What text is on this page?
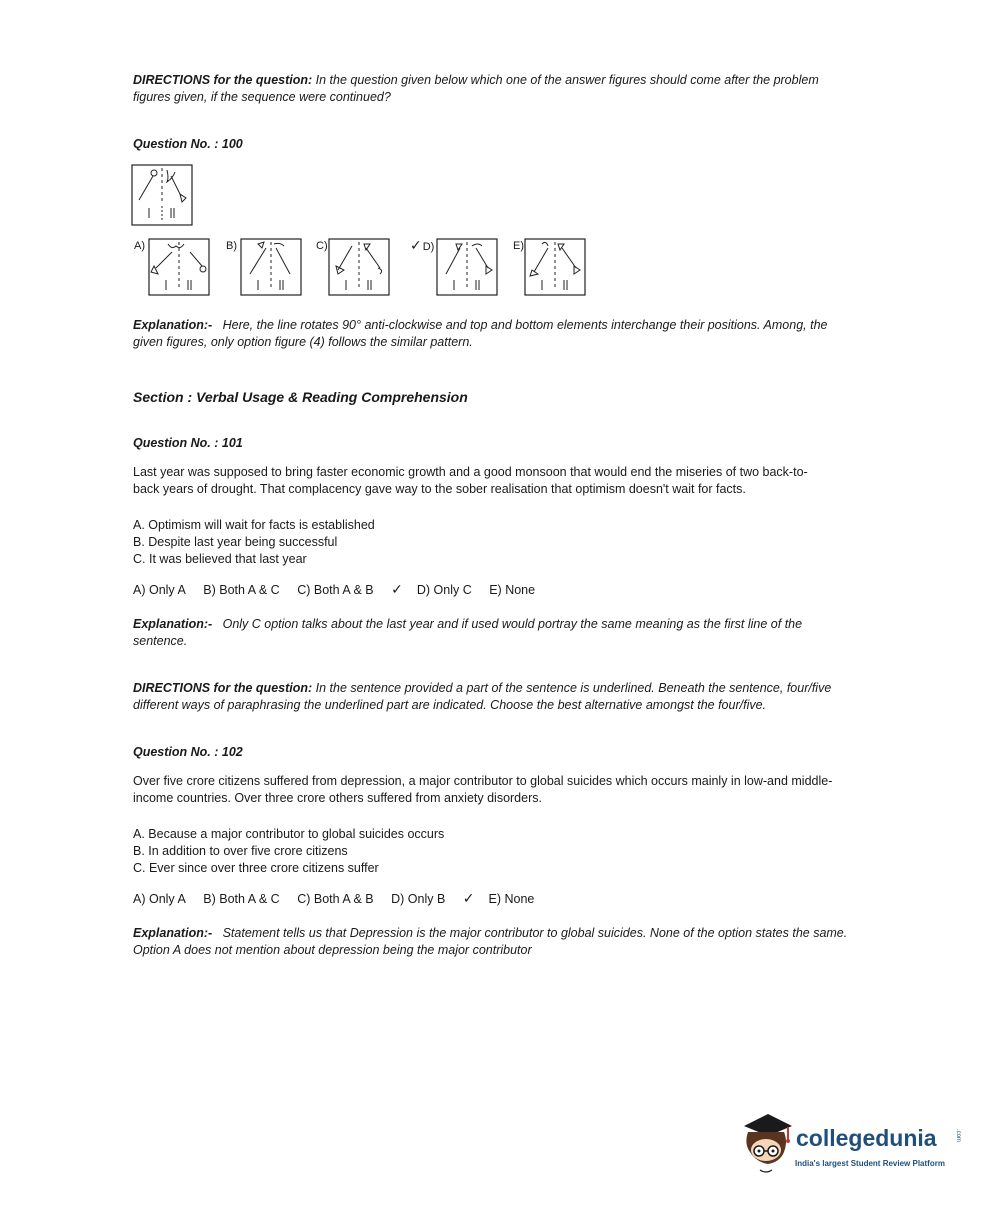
DIRECTIONS for the question: In the question given below which one of the answer figures should come after the problem
figures given, if the sequence were continued?
Question No. : 100
A)	B)	C)	✓D)	E)
Explanation:- Here, the line rotates 90° anti-clockwise and top and bottom elements interchange their positions. Among, the
given figures, only option figure (4) follows the similar pattern.
Section : Verbal Usage & Reading Comprehension
Question No. : 101
Last year was supposed to bring faster economic growth and a good monsoon that would end the miseries of two back-to-
back years of drought. That complacency gave way to the sober realisation that optimism doesn't wait for facts.
A. Optimism will wait for facts is established
B. Despite last year being successful
C. It was believed that last year
A) Only A B) Both A & C C) Both A & B ✓ D) Only C E) None
Explanation:- Only C option talks about the last year and if used would portray the same meaning as the first line of the
sentence.
DIRECTIONS for the question: In the sentence provided a part of the sentence is underlined. Beneath the sentence, four/five
different ways of paraphrasing the underlined part are indicated. Choose the best alternative amongst the four/five.
Question No. : 102
Over five crore citizens suffered from depression, a major contributor to global suicides which occurs mainly in low-and middle-
income countries. Over three crore others suffered from anxiety disorders.
A. Because a major contributor to global suicides occurs
B. In addition to over five crore citizens
C. Ever since over three crore citizens suffer
A) Only A B) Both A & C C) Both A & B D) Only B ✓ E) None
Explanation:- Statement tells us that Depression is the major contributor to global suicides. None of the option states the same.
Option A does not mention about depression being the major contributor
collegedunia	.com
India's largest Student Review Platform
